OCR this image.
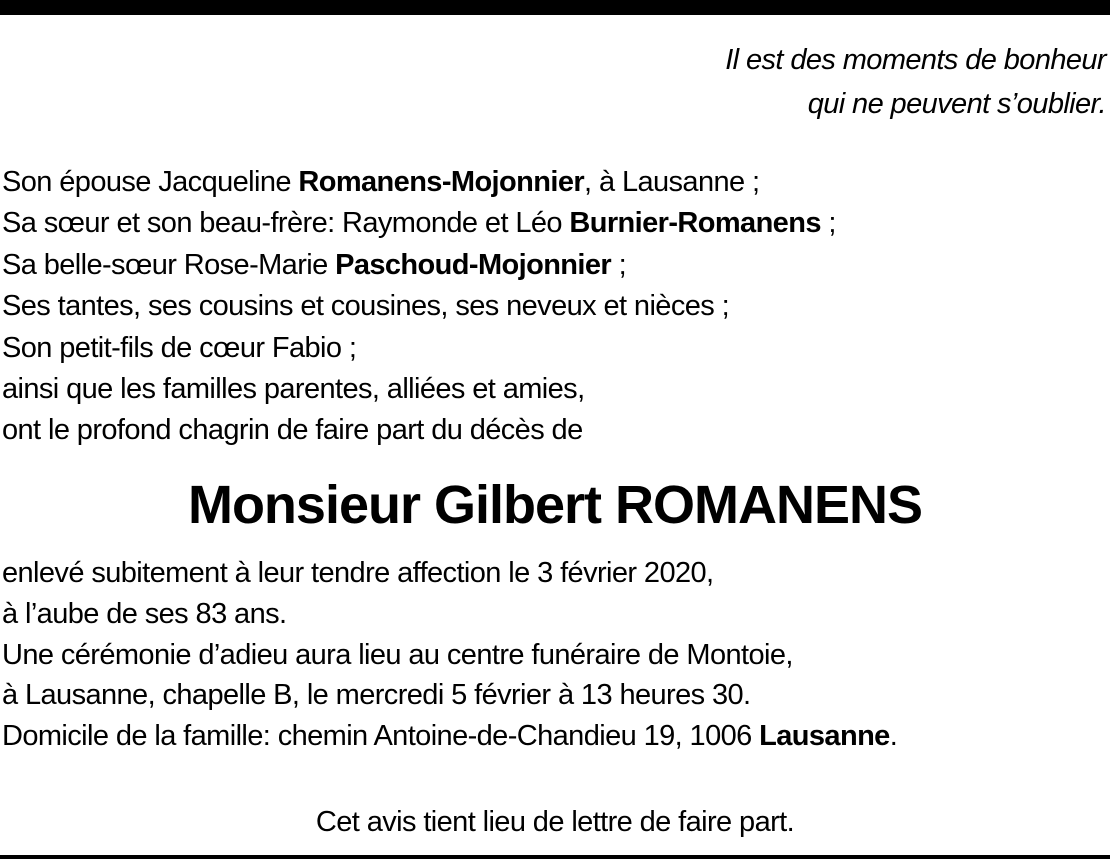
Il est des moments de bonheur
qui ne peuvent s’oublier.
Son épouse Jacqueline Romanens-Mojonnier, à Lausanne ;
Sa sœur et son beau-frère: Raymonde et Léo Burnier-Romanens ;
Sa belle-sœur Rose-Marie Paschoud-Mojonnier ;
Ses tantes, ses cousins et cousines, ses neveux et nièces ;
Son petit-fils de cœur Fabio ;
ainsi que les familles parentes, alliées et amies,
ont le profond chagrin de faire part du décès de
Monsieur Gilbert ROMANENS
enlevé subitement à leur tendre affection le 3 février 2020,
à l’aube de ses 83 ans.
Une cérémonie d’adieu aura lieu au centre funéraire de Montoie,
à Lausanne, chapelle B, le mercredi 5 février à 13 heures 30.
Domicile de la famille: chemin Antoine-de-Chandieu 19, 1006 Lausanne.
Cet avis tient lieu de lettre de faire part.
